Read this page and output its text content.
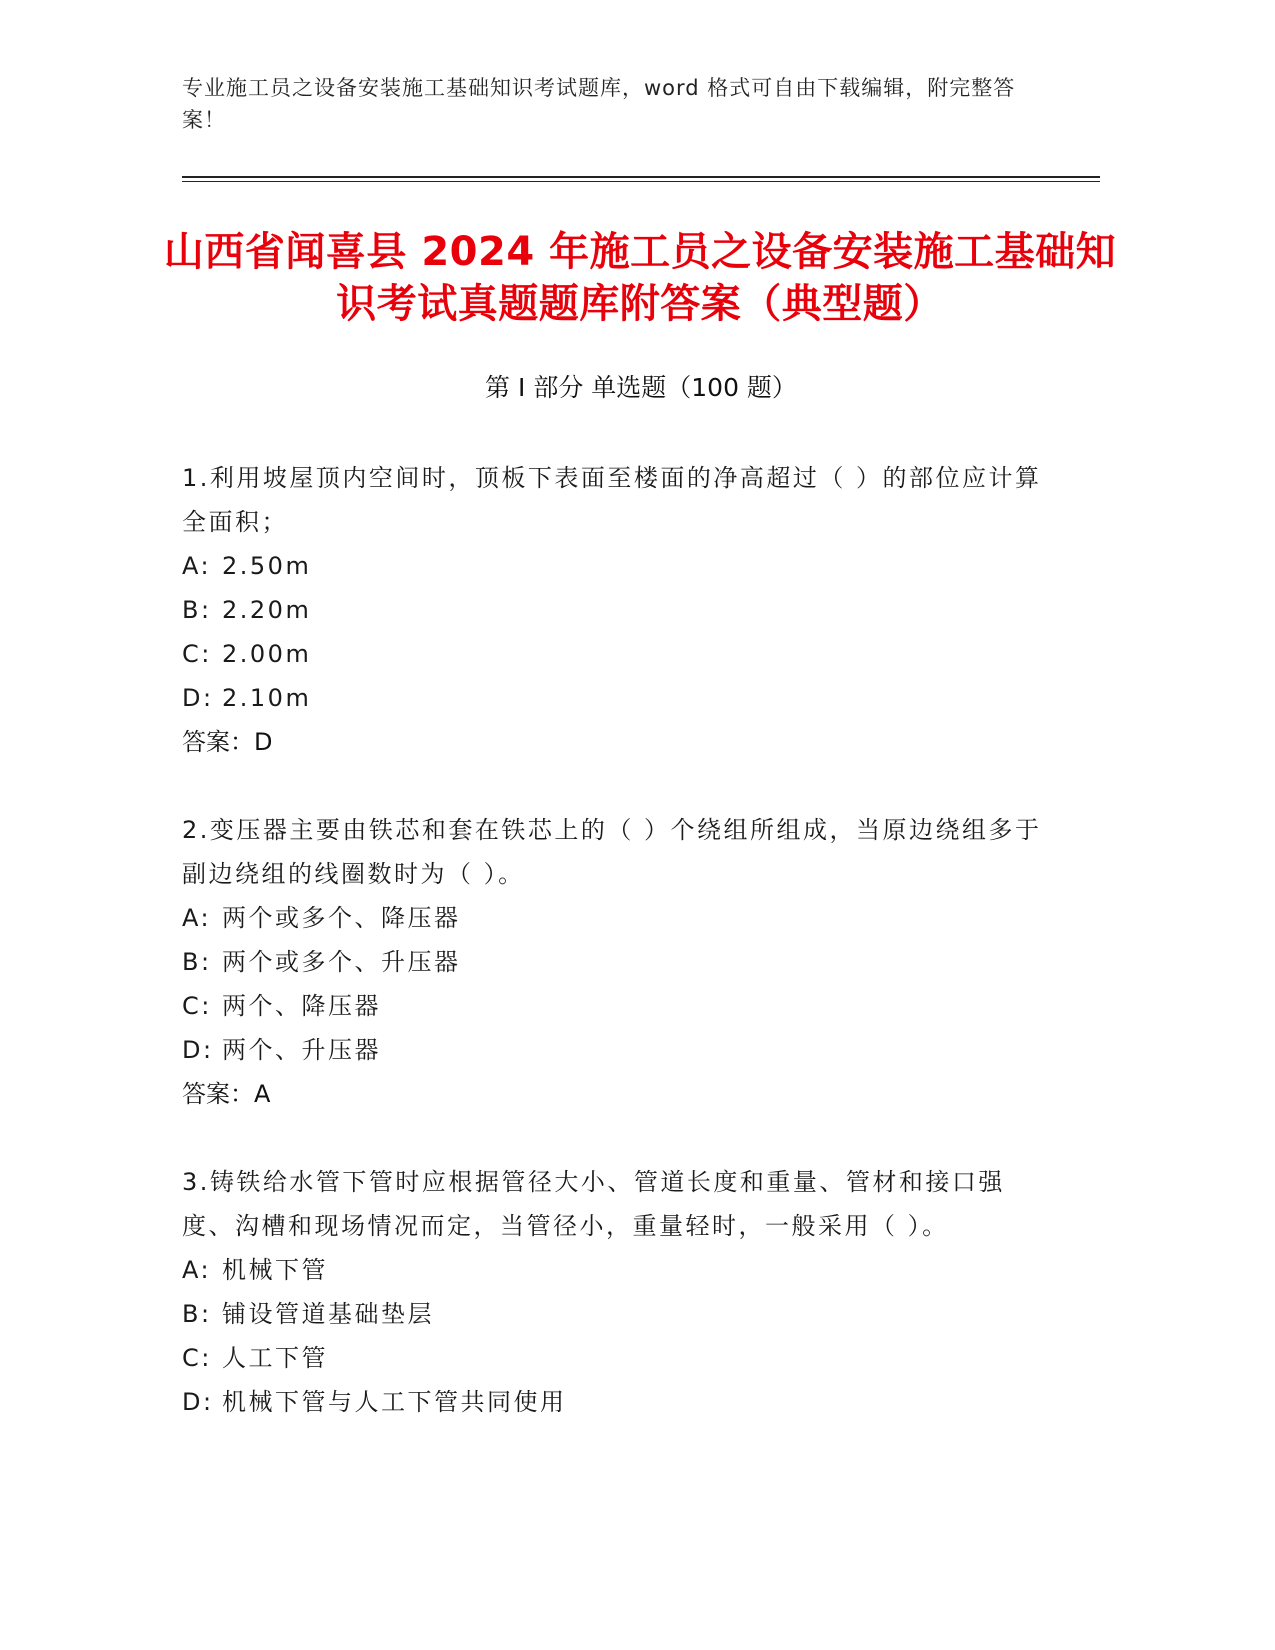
专业施工员之设备安装施工基础知识考试题库，word 格式可自由下载编辑，附完整答案！
山西省闻喜县 2024 年施工员之设备安装施工基础知识考试真题题库附答案（典型题）
第 I 部分 单选题（100 题）
1.利用坡屋顶内空间时，顶板下表面至楼面的净高超过（ ）的部位应计算全面积；
A: 2.50m
B: 2.20m
C: 2.00m
D: 2.10m
答案：D
2.变压器主要由铁芯和套在铁芯上的（ ）个绕组所组成，当原边绕组多于副边绕组的线圈数时为（ ）。
A: 两个或多个、降压器
B: 两个或多个、升压器
C: 两个、降压器
D: 两个、升压器
答案：A
3.铸铁给水管下管时应根据管径大小、管道长度和重量、管材和接口强度、沟槽和现场情况而定，当管径小，重量轻时，一般采用（ ）。
A: 机械下管
B: 铺设管道基础垫层
C: 人工下管
D: 机械下管与人工下管共同使用
